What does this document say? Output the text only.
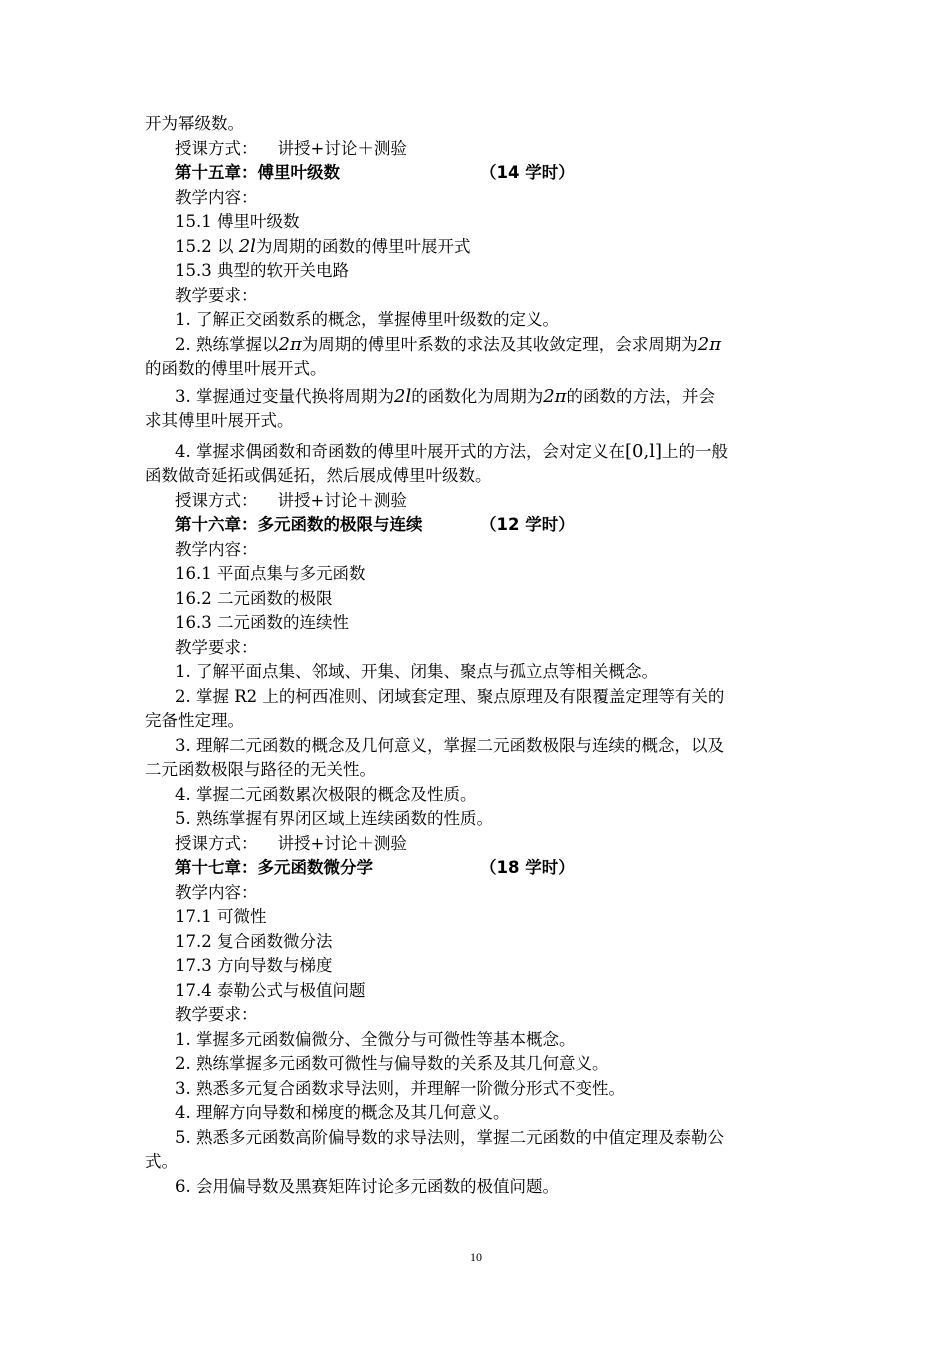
开为幂级数。
授课方式： 讲授+讨论＋测验
第十五章：傅里叶级数	（14 学时）
教学内容：
15.1 傅里叶级数
15.2 以 2l为周期的函数的傅里叶展开式
15.3 典型的软开关电路
教学要求：
1. 了解正交函数系的概念，掌握傅里叶级数的定义。
2. 熟练掌握以2π为周期的傅里叶系数的求法及其收敛定理，会求周期为2π
的函数的傅里叶展开式。
3. 掌握通过变量代换将周期为2l的函数化为周期为2π的函数的方法，并会
求其傅里叶展开式。
4. 掌握求偶函数和奇函数的傅里叶展开式的方法，会对定义在[0,l]上的一般
函数做奇延拓或偶延拓，然后展成傅里叶级数。
授课方式： 讲授+讨论＋测验
第十六章：多元函数的极限与连续	（12 学时）
教学内容：
16.1 平面点集与多元函数
16.2 二元函数的极限
16.3 二元函数的连续性
教学要求：
1. 了解平面点集、邻域、开集、闭集、聚点与孤立点等相关概念。
2. 掌握 R2 上的柯西准则、闭域套定理、聚点原理及有限覆盖定理等有关的
完备性定理。
3. 理解二元函数的概念及几何意义，掌握二元函数极限与连续的概念，以及
二元函数极限与路径的无关性。
4. 掌握二元函数累次极限的概念及性质。
5. 熟练掌握有界闭区域上连续函数的性质。
授课方式： 讲授+讨论＋测验
第十七章：多元函数微分学	（18 学时）
教学内容：
17.1 可微性
17.2 复合函数微分法
17.3 方向导数与梯度
17.4 泰勒公式与极值问题
教学要求：
1. 掌握多元函数偏微分、全微分与可微性等基本概念。
2. 熟练掌握多元函数可微性与偏导数的关系及其几何意义。
3. 熟悉多元复合函数求导法则，并理解一阶微分形式不变性。
4. 理解方向导数和梯度的概念及其几何意义。
5. 熟悉多元函数高阶偏导数的求导法则，掌握二元函数的中值定理及泰勒公
式。
6. 会用偏导数及黑赛矩阵讨论多元函数的极值问题。
10
